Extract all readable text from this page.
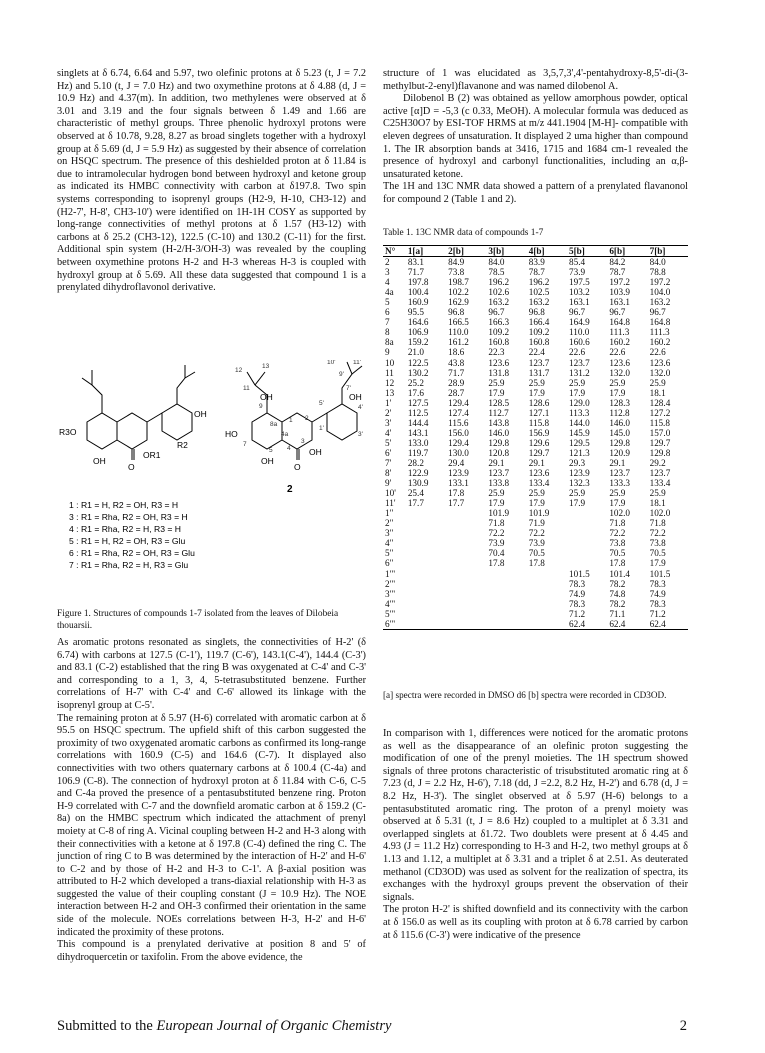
singlets at δ 6.74, 6.64 and 5.97, two olefinic protons at δ 5.23 (t, J = 7.2 Hz) and 5.10 (t, J = 7.0 Hz) and two oxymethine protons at δ 4.88 (d, J = 10.9 Hz) and 4.37(m). In addition, two methylenes were observed at δ 3.01 and 3.19 and the four signals between δ 1.49 and 1.66 are characteristic of methyl groups. Three phenolic hydroxyl protons were observed at δ 10.78, 9.28, 8.27 as broad singlets together with a hydroxyl group at δ 5.69 (d, J = 5.9 Hz) as suggested by their absence of correlation on HSQC spectrum. The presence of this deshielded proton at δ 11.84 is due to intramolecular hydrogen bond between hydroxyl and ketone group as indicated its HMBC connectivity with carbon at δ197.8. Two spin systems corresponding to isoprenyl groups (H2-9, H-10, CH3-12) and (H2-7', H-8', CH3-10') were identified on 1H-1H COSY as supported by long-range connectivities of methyl protons at δ 1.57 (H3-12) with carbons at δ 25.2 (CH3-12), 122.5 (C-10) and 130.2 (C-11) for the first. Additional spin system (H-2/H-3/OH-3) was revealed by the coupling between oxymethine protons H-2 and H-3 whereas H-3 is coupled with hydroxyl group at δ 5.69. All these data suggested that compound 1 is a prenylated dihydroflavonol derivative.

R3O
R2
OR1
OH
O
OH
HO
OH
O
OH
OH
OH
2
12
13
11
9
10'	11'
9'
7'
5'
4'
3'
1'
2
3
4
4a
5
7
8a
1
1 : R1 = H, R2 = OH, R3 = H
3 : R1 = Rha, R2 = OH, R3 = H
4 : R1 = Rha, R2 = H, R3 = H
5 : R1 = H, R2 = OH, R3 = Glu
6 : R1 = Rha, R2 = OH, R3 = Glu
7 : R1 = Rha, R2 = H, R3 = Glu
Figure 1. Structures of compounds 1-7 isolated from the leaves of Dilobeia thouarsii.

As aromatic protons resonated as singlets, the connectivities of H-2' (δ 6.74) with carbons at 127.5 (C-1'), 119.7 (C-6'), 143.1(C-4'), 144.4 (C-3') and 83.1 (C-2) established that the ring B was oxygenated at C-4' and C-3' and corresponding to a 1, 3, 4, 5-tetrasubstituted benzene. Further correlations of H-7' with C-4' and C-6' allowed its linkage with the isoprenyl group at C-5'.

The remaining proton at δ 5.97 (H-6) correlated with aromatic carbon at δ 95.5 on HSQC spectrum. The upfield shift of this carbon suggested the proximity of two oxygenated aromatic carbons as confirmed its long-range correlations with 160.9 (C-5) and 164.6 (C-7). It displayed also connectivities with two others quaternary carbons at δ 100.4 (C-4a) and 106.9 (C-8). The connection of hydroxyl proton at δ 11.84 with C-6, C-5 and C-4a proved the presence of a pentasubstituted benzene ring. Proton H-9 correlated with C-7 and the downfield aromatic carbon at δ 159.2 (C-8a) on the HMBC spectrum which indicated the attachment of prenyl moiety at C-8 of ring A. Vicinal coupling between H-2 and H-3 along with their connectivities with a ketone at δ 197.8 (C-4) defined the ring C. The junction of ring C to B was determined by the interaction of H-2' and H-6' to C-2 and by those of H-2 and H-3 to C-1'. A β-axial position was attributed to H-2 which developed a trans-diaxial relationship with H-3 as suggested the value of their coupling constant (J = 10.9 Hz). The NOE interaction between H-2 and OH-3 confirmed their orientation in the same side of the molecule. NOEs correlations between H-3, H-2' and H-6' indicated the proximity of these protons.

This compound is a prenylated derivative at position 8 and 5' of dihydroquercetin or taxifolin. From the above evidence, the

structure of 1 was elucidated as 3,5,7,3',4'-pentahydroxy-8,5'-di-(3-methylbut-2-enyl)flavanone and was named dilobenol A.

Dilobenol B (2) was obtained as yellow amorphous powder, optical active [α]D = -5,3 (c 0.33, MeOH). A molecular formula was deduced as C25H30O7 by ESI-TOF HRMS at m/z 441.1904 [M-H]- compatible with eleven degrees of unsaturation. It displayed 2 uma higher than compound 1. The IR absorption bands at 3416, 1715 and 1684 cm-1 revealed the presence of hydroxyl and carbonyl functionalities, including an α,β-unsaturated ketone.

The 1H and 13C NMR data showed a pattern of a prenylated flavanonol for compound 2 (Table 1 and 2).

Table 1. 13C NMR data of compounds 1-7
N°	1[a]	2[b]	3[b]	4[b]	5[b]	6[b]	7[b]
2	83.1	84.9	84.0	83.9	85.4	84.2	84.0
3	71.7	73.8	78.5	78.7	73.9	78.7	78.8
4	197.8	198.7	196.2	196.2	197.5	197.2	197.2
4a	100.4	102.2	102.6	102.5	103.2	103.9	104.0
5	160.9	162.9	163.2	163.2	163.1	163.1	163.2
6	95.5	96.8	96.7	96.8	96.7	96.7	96.7
7	164.6	166.5	166.3	166.4	164.9	164.8	164.8
8	106.9	110.0	109.2	109.2	110.0	111.3	111.3
8a	159.2	161.2	160.8	160.8	160.6	160.2	160.2
9	21.0	18.6	22.3	22.4	22.6	22.6	22.6
10	122.5	43.8	123.6	123.7	123.7	123.6	123.6
11	130.2	71.7	131.8	131.7	131.2	132.0	132.0
12	25.2	28.9	25.9	25.9	25.9	25.9	25.9
13	17.6	28.7	17.9	17.9	17.9	17.9	18.1
1'	127.5	129.4	128.5	128.6	129.0	128.3	128.4
2'	112.5	127.4	112.7	127.1	113.3	112.8	127.2
3'	144.4	115.6	143.8	115.8	144.0	146.0	115.8
4'	143.1	156.0	146.0	156.9	145.9	145.0	157.0
5'	133.0	129.4	129.8	129.6	129.5	129.8	129.7
6'	119.7	130.0	120.8	129.7	121.3	120.9	129.8
7'	28.2	29.4	29.1	29.1	29.3	29.1	29.2
8'	122.9	123.9	123.7	123.6	123.9	123.7	123.7
9'	130.9	133.1	133.8	133.4	132.3	133.3	133.4
10'	25.4	17.8	25.9	25.9	25.9	25.9	25.9
11'	17.7	17.7	17.9	17.9	17.9	17.9	18.1
1"			101.9	101.9		102.0	102.0
2"			71.8	71.9		71.8	71.8
3"			72.2	72.2		72.2	72.2
4"			73.9	73.9		73.8	73.8
5"			70.4	70.5		70.5	70.5
6"			17.8	17.8		17.8	17.9
1"'					101.5	101.4	101.5
2"'					78.3	78.2	78.3
3"'					74.9	74.8	74.9
4"'					78.3	78.2	78.3
5"'					71.2	71.1	71.2
6"'					62.4	62.4	62.4
[a] spectra were recorded in DMSO d6 [b] spectra were recorded in CD3OD.

In comparison with 1, differences were noticed for the aromatic protons as well as the disappearance of an olefinic proton suggesting the modification of one of the prenyl moieties. The 1H spectrum showed signals of three protons characteristic of trisubstituted aromatic ring at δ 7.23 (d, J = 2.2 Hz, H-6'), 7.18 (dd, J =2.2, 8.2 Hz, H-2') and 6.78 (d, J = 8.2 Hz, H-3'). The singlet observed at δ 5.97 (H-6) belongs to a pentasubstituted aromatic ring. The proton of a prenyl moiety was observed at δ 5.31 (t, J = 8.6 Hz) coupled to a multiplet at δ 3.31 and overlapped singlets at δ1.72. Two doublets were present at δ 4.45 and 4.93 (J = 11.2 Hz) corresponding to H-3 and H-2, two methyl groups at δ 1.13 and 1.12, a multiplet at δ 3.31 and a triplet δ at 2.51. As deuterated methanol (CD3OD) was used as solvent for the realization of spectra, its exchanges with the hydroxyl groups prevent the observation of their signals.

The proton H-2' is shifted downfield and its connectivity with the carbon at δ 156.0 as well as its coupling with proton at δ 6.78 carried by carbon at δ 115.6 (C-3') were indicative of the presence

Submitted to the European Journal of Organic Chemistry	2
